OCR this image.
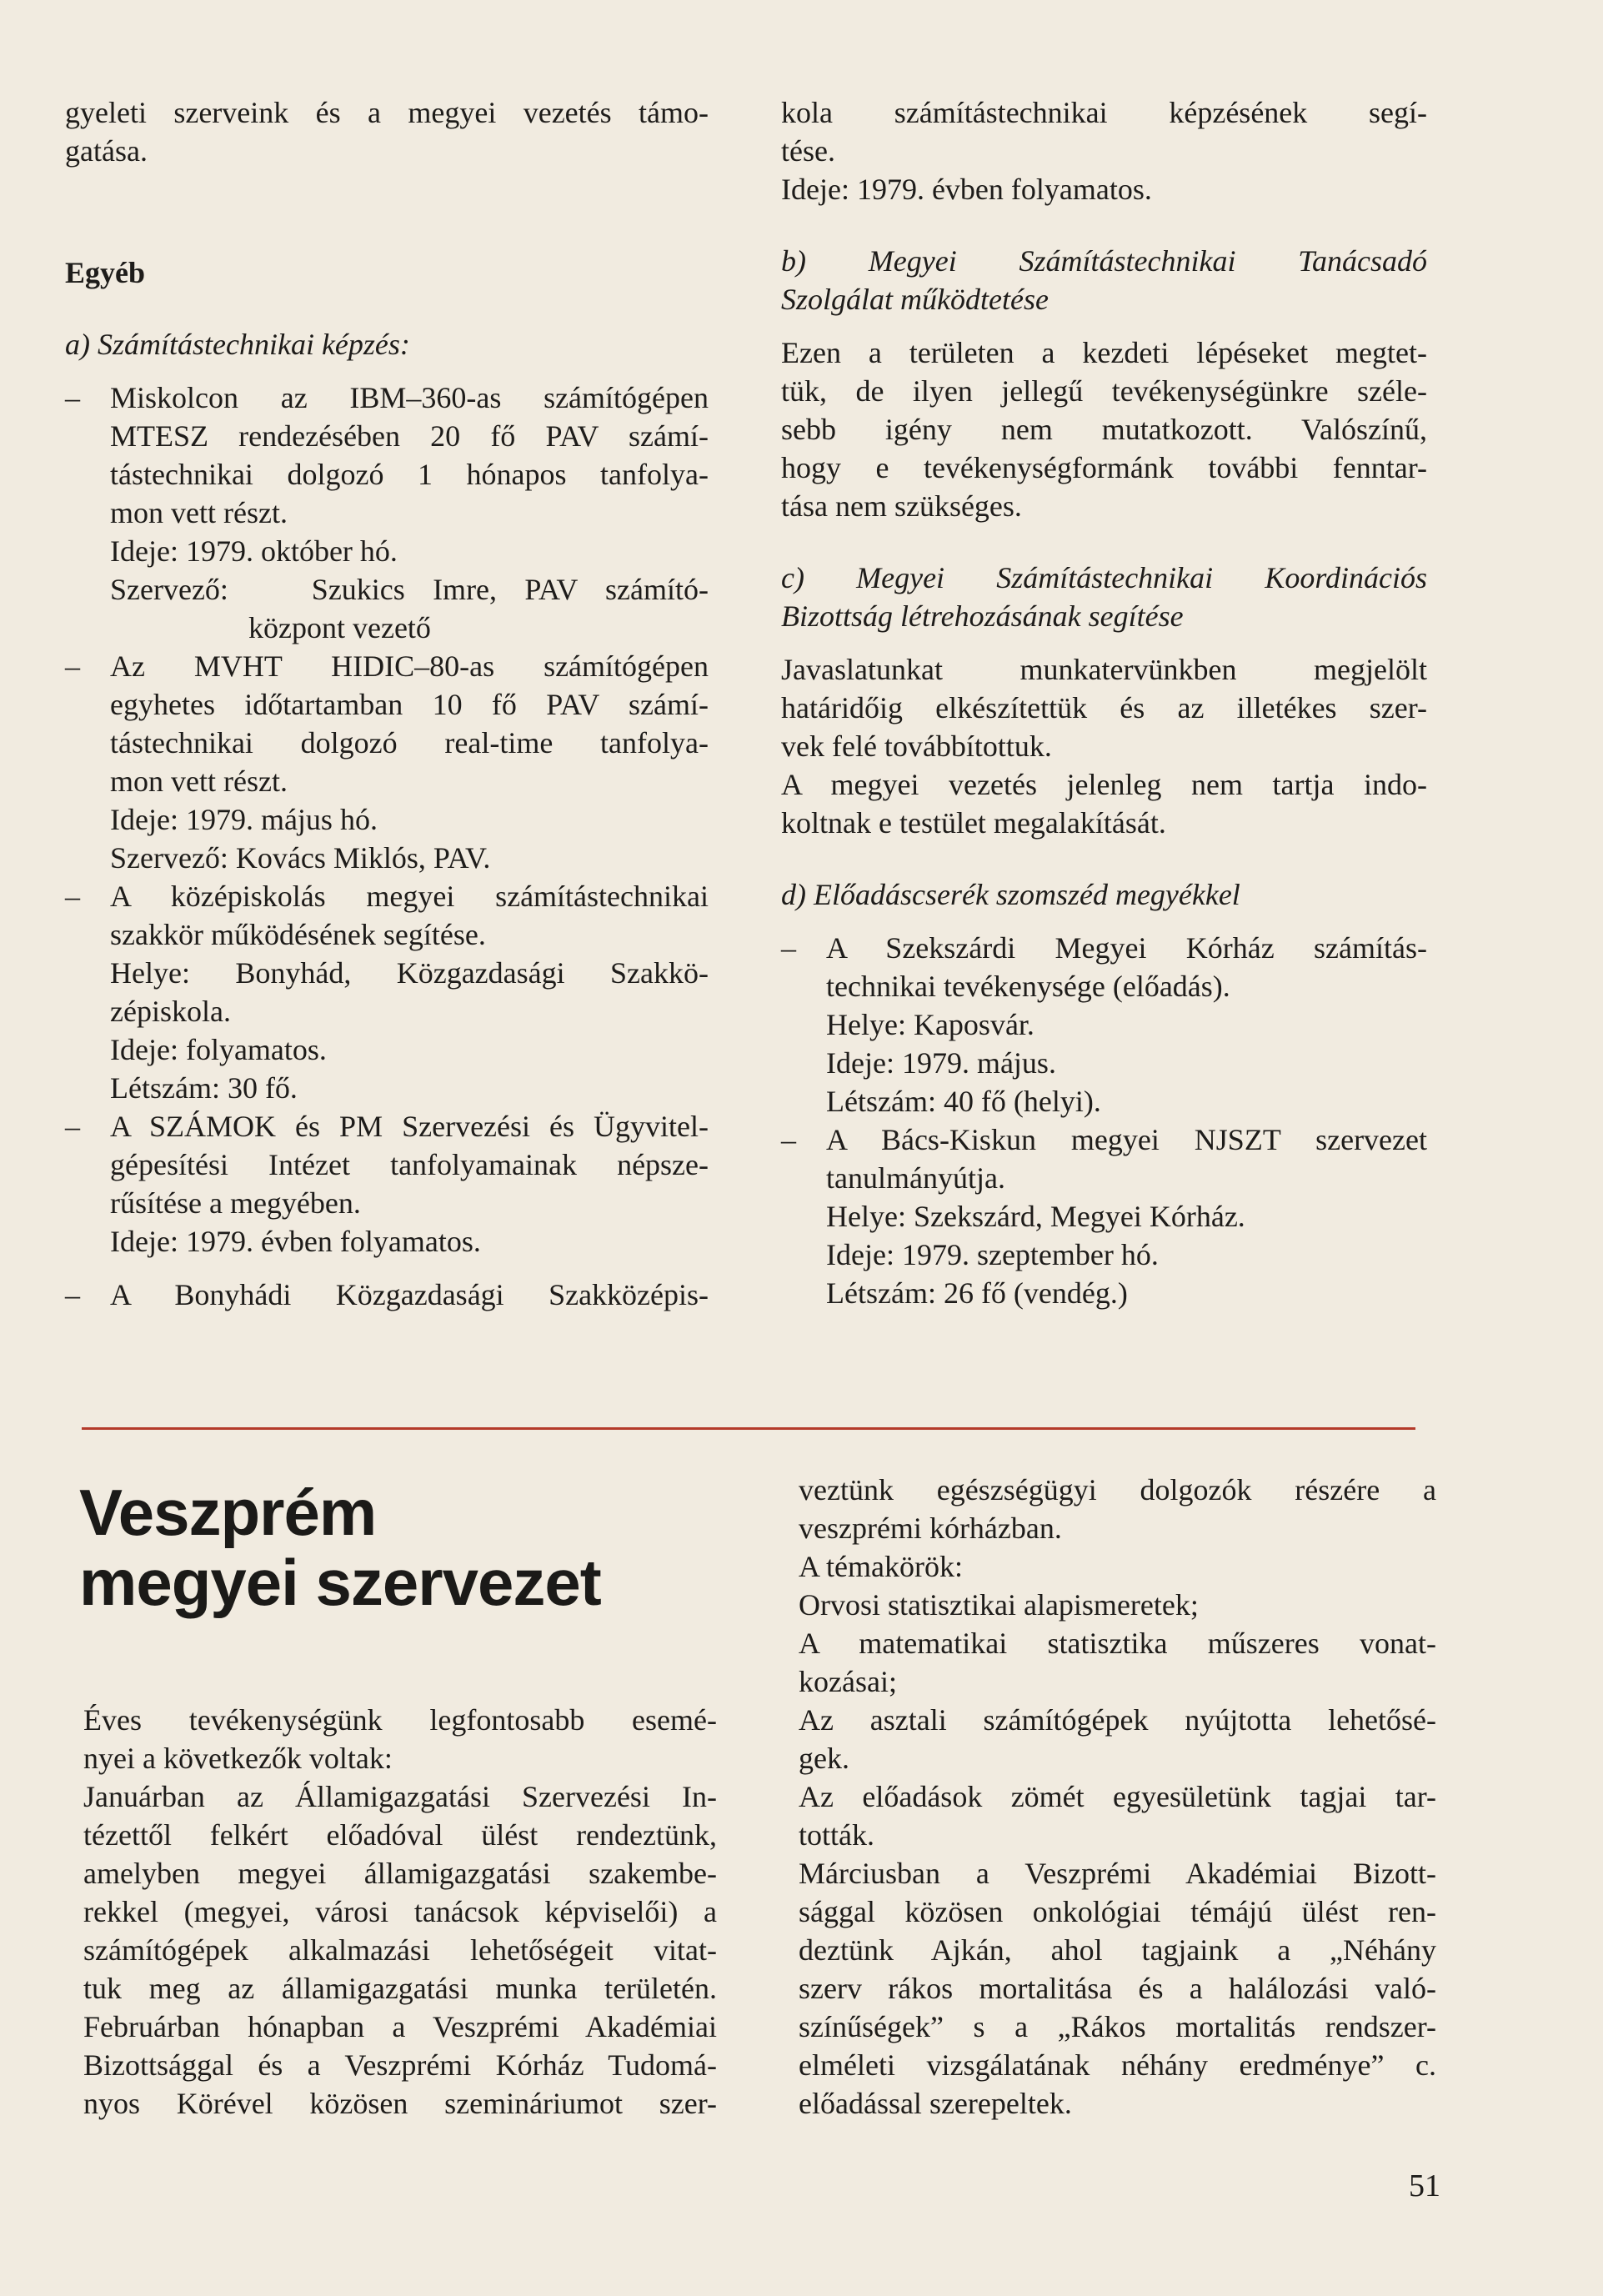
gyeleti szerveink és a megyei vezetés támo-

gatása.

Egyéb

a) Számítástechnikai képzés:

– Miskolcon az IBM–360-as számítógépen

MTESZ rendezésében 20 fő PAV számí-

tástechnikai dolgozó 1 hónapos tanfolya-

mon vett részt.

Ideje: 1979. október hó.

Szervező:   Szukics Imre, PAV számító-

központ vezető

– Az MVHT HIDIC–80-as számítógépen

egyhetes időtartamban 10 fő PAV számí-

tástechnikai dolgozó real-time tanfolya-

mon vett részt.

Ideje: 1979. május hó.

Szervező: Kovács Miklós, PAV.

– A középiskolás megyei számítástechnikai

szakkör működésének segítése.

Helye: Bonyhád, Közgazdasági Szakkö-

zépiskola.

Ideje: folyamatos.

Létszám: 30 fő.

– A SZÁMOK és PM Szervezési és Ügyvitel-

gépesítési Intézet tanfolyamainak népsze-

rűsítése a megyében.

Ideje: 1979. évben folyamatos.

– A Bonyhádi Közgazdasági Szakközépis-

kola számítástechnikai képzésének segí-

tése.

Ideje: 1979. évben folyamatos.

b) Megyei Számítástechnikai Tanácsadó

Szolgálat működtetése

Ezen a területen a kezdeti lépéseket megtet-

tük, de ilyen jellegű tevékenységünkre széle-

sebb igény nem mutatkozott. Valószínű,

hogy e tevékenységformánk további fenntar-

tása nem szükséges.

c) Megyei Számítástechnikai Koordinációs

Bizottság létrehozásának segítése

Javaslatunkat munkatervünkben megjelölt

határidőig elkészítettük és az illetékes szer-

vek felé továbbítottuk.

A megyei vezetés jelenleg nem tartja indo-

koltnak e testület megalakítását.

d) Előadáscserék szomszéd megyékkel

– A Szekszárdi Megyei Kórház számítás-

technikai tevékenysége (előadás).

Helye: Kaposvár.

Ideje: 1979. május.

Létszám: 40 fő (helyi).

– A Bács-Kiskun megyei NJSZT szervezet

tanulmányútja.

Helye: Szekszárd, Megyei Kórház.

Ideje: 1979. szeptember hó.

Létszám: 26 fő (vendég.)

Veszprém
megyei szervezet

Éves tevékenységünk legfontosabb esemé-

nyei a következők voltak:

Januárban az Államigazgatási Szervezési In-

tézettől felkért előadóval ülést rendeztünk,

amelyben megyei államigazgatási szakembe-

rekkel (megyei, városi tanácsok képviselői) a

számítógépek alkalmazási lehetőségeit vitat-

tuk meg az államigazgatási munka területén.

Februárban hónapban a Veszprémi Akadémiai

Bizottsággal és a Veszprémi Kórház Tudomá-

nyos Körével közösen szemináriumot szer-

veztünk egészségügyi dolgozók részére a

veszprémi kórházban.

A témakörök:

Orvosi statisztikai alapismeretek;

A matematikai statisztika műszeres vonat-

kozásai;

Az asztali számítógépek nyújtotta lehetősé-

gek.

Az előadások zömét egyesületünk tagjai tar-

tották.

Márciusban a Veszprémi Akadémiai Bizott-

sággal közösen onkológiai témájú ülést ren-

deztünk Ajkán, ahol tagjaink a „Néhány

szerv rákos mortalitása és a halálozási való-

színűségek” s a „Rákos mortalitás rendszer-

elméleti vizsgálatának néhány eredménye” c.

előadással szerepeltek.

51
